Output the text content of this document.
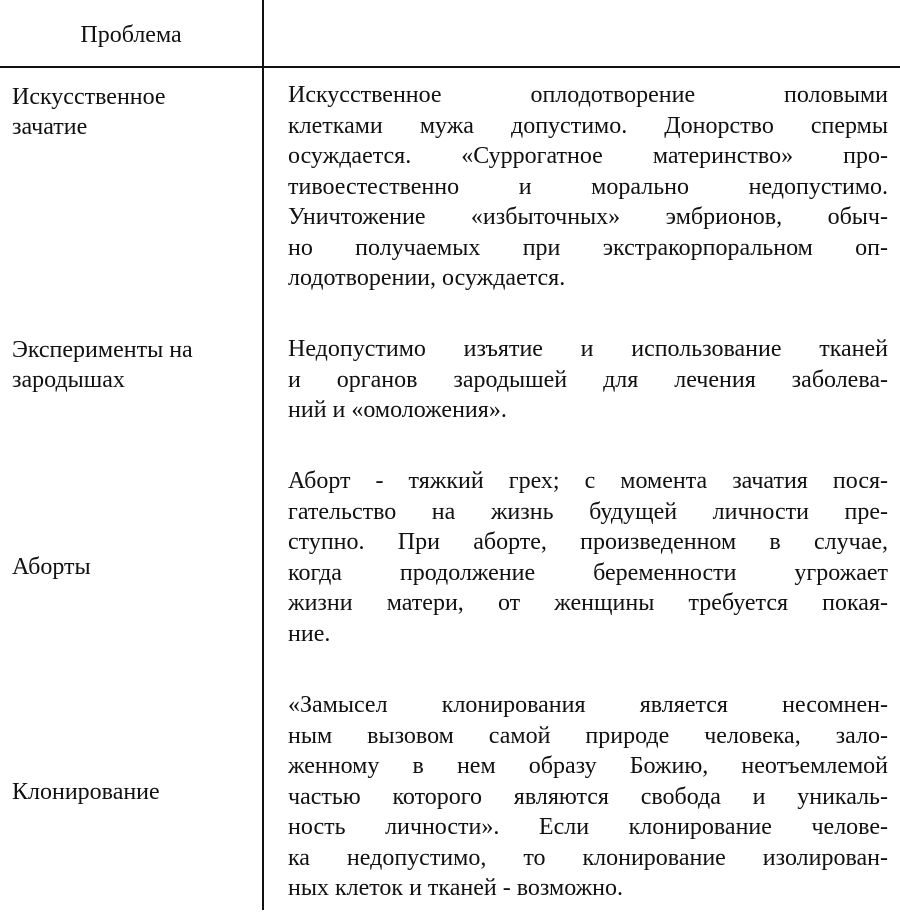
Проблема
Искусственное
зачатие
Искусственное оплодотворение половыми
клетками мужа допустимо. Донорство спермы
осуждается. «Суррогатное материнство» про-
тивоестественно и морально недопустимо.
Уничтожение «избыточных» эмбрионов, обыч-
но получаемых при экстракорпоральном оп-
лодотворении, осуждается.
Эксперименты на
зародышах
Недопустимо изъятие и использование тканей
и органов зародышей для лечения заболева-
ний и «омоложения».
Аборты
Аборт - тяжкий грех; с момента зачатия пося-
гательство на жизнь будущей личности пре-
ступно. При аборте, произведенном в случае,
когда продолжение беременности угрожает
жизни матери, от женщины требуется покая-
ние.
Клонирование
«Замысел клонирования является несомнен-
ным вызовом самой природе человека, зало-
женному в нем образу Божию, неотъемлемой
частью которого являются свобода и уникаль-
ность личности». Если клонирование челове-
ка недопустимо, то клонирование изолирован-
ных клеток и тканей - возможно.
